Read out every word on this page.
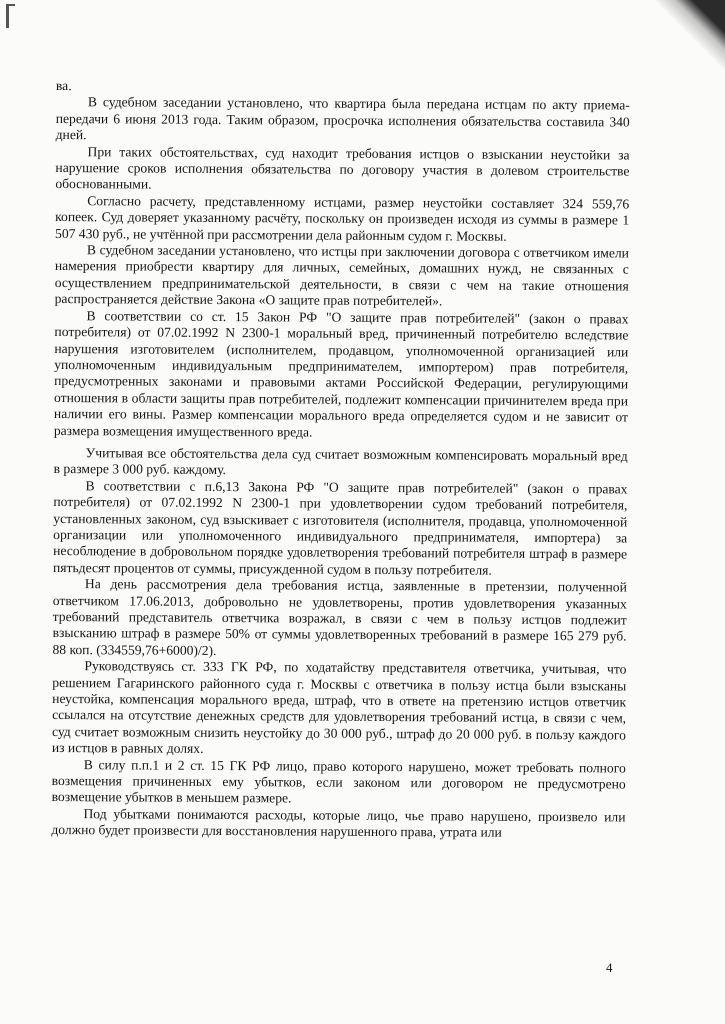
ва.

В судебном заседании установлено, что квартира была передана истцам по акту приема-передачи 6 июня 2013 года. Таким образом, просрочка исполнения обязательства составила 340 дней.

При таких обстоятельствах, суд находит требования истцов о взыскании неустойки за нарушение сроков исполнения обязательства по договору участия в долевом строительстве обоснованными.

Согласно расчету, представленному истцами, размер неустойки составляет 324 559,76 копеек. Суд доверяет указанному расчёту, поскольку он произведен исходя из суммы в размере 1 507 430 руб., не учтённой при рассмотрении дела районным судом г. Москвы.

В судебном заседании установлено, что истцы при заключении договора с ответчиком имели намерения приобрести квартиру для личных, семейных, домашних нужд, не связанных с осуществлением предпринимательской деятельности, в связи с чем на такие отношения распространяется действие Закона «О защите прав потребителей».

В соответствии со ст. 15 Закон РФ "О защите прав потребителей" (закон о правах потребителя) от 07.02.1992 N 2300-1 моральный вред, причиненный потребителю вследствие нарушения изготовителем (исполнителем, продавцом, уполномоченной организацией или уполномоченным индивидуальным предпринимателем, импортером) прав потребителя, предусмотренных законами и правовыми актами Российской Федерации, регулирующими отношения в области защиты прав потребителей, подлежит компенсации причинителем вреда при наличии его вины. Размер компенсации морального вреда определяется судом и не зависит от размера возмещения имущественного вреда.

Учитывая все обстоятельства дела суд считает возможным компенсировать моральный вред в размере 3 000 руб. каждому.

В соответствии с п.6,13 Закона РФ "О защите прав потребителей" (закон о правах потребителя) от 07.02.1992 N 2300-1 при удовлетворении судом требований потребителя, установленных законом, суд взыскивает с изготовителя (исполнителя, продавца, уполномоченной организации или уполномоченного индивидуального предпринимателя, импортера) за несоблюдение в добровольном порядке удовлетворения требований потребителя штраф в размере пятьдесят процентов от суммы, присужденной судом в пользу потребителя.

На день рассмотрения дела требования истца, заявленные в претензии, полученной ответчиком 17.06.2013, добровольно не удовлетворены, против удовлетворения указанных требований представитель ответчика возражал, в связи с чем в пользу истцов подлежит взысканию штраф в размере 50% от суммы удовлетворенных требований в размере 165 279 руб. 88 коп. (334559,76+6000)/2).

Руководствуясь ст. 333 ГК РФ, по ходатайству представителя ответчика, учитывая, что решением Гагаринского районного суда г. Москвы с ответчика в пользу истца были взысканы неустойка, компенсация морального вреда, штраф, что в ответе на претензию истцов ответчик ссылался на отсутствие денежных средств для удовлетворения требований истца, в связи с чем, суд считает возможным снизить неустойку до 30 000 руб., штраф до 20 000 руб. в пользу каждого из истцов в равных долях.

В силу п.п.1 и 2 ст. 15 ГК РФ лицо, право которого нарушено, может требовать полного возмещения причиненных ему убытков, если законом или договором не предусмотрено возмещение убытков в меньшем размере.

Под убытками понимаются расходы, которые лицо, чье право нарушено, произвело или должно будет произвести для восстановления нарушенного права, утрата или

4
